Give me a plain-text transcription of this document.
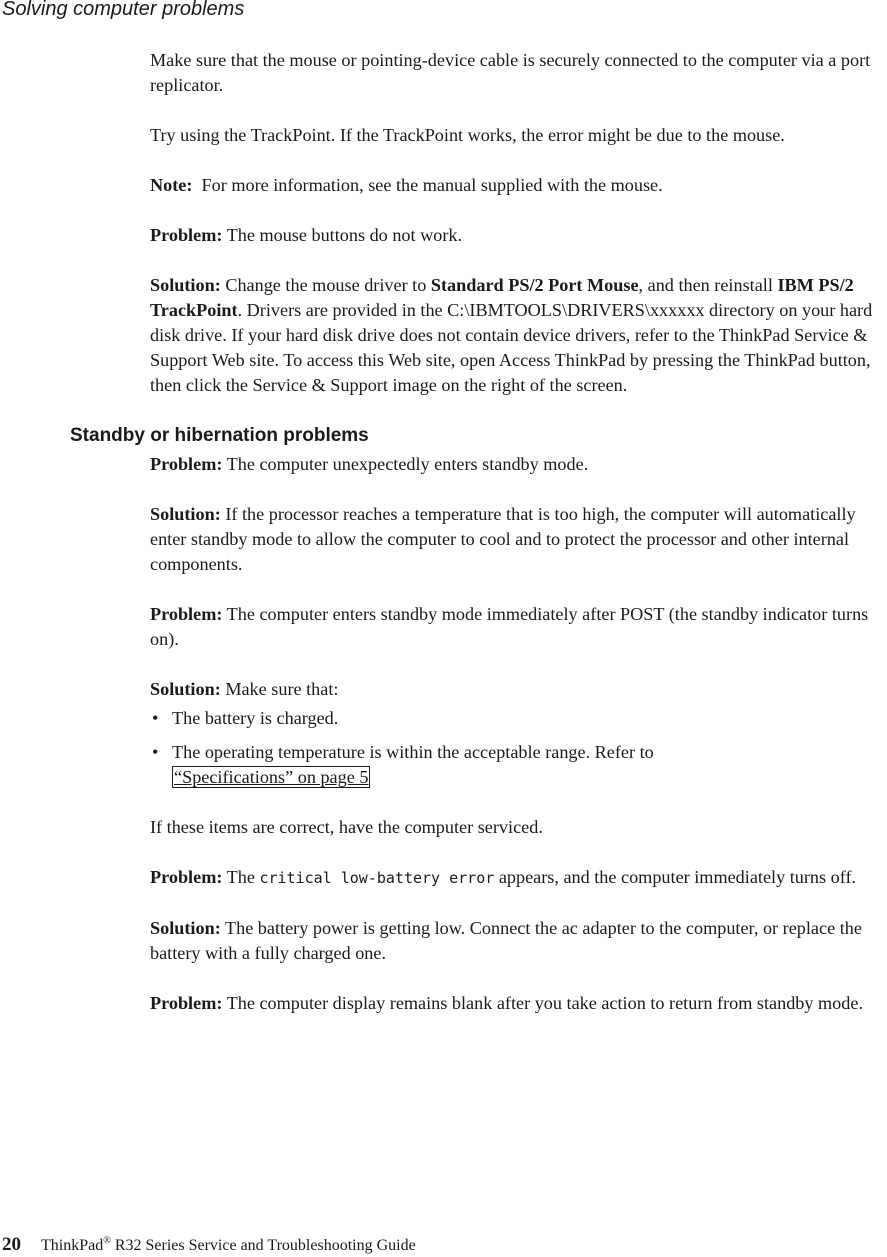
Solving computer problems

Make sure that the mouse or pointing-device cable is securely connected to the computer via a port replicator.

Try using the TrackPoint. If the TrackPoint works, the error might be due to the mouse.

Note: For more information, see the manual supplied with the mouse.

Problem: The mouse buttons do not work.

Solution: Change the mouse driver to Standard PS/2 Port Mouse, and then reinstall IBM PS/2 TrackPoint. Drivers are provided in the C:\IBMTOOLS\DRIVERS\xxxxxx directory on your hard disk drive. If your hard disk drive does not contain device drivers, refer to the ThinkPad Service & Support Web site. To access this Web site, open Access ThinkPad by pressing the ThinkPad button, then click the Service & Support image on the right of the screen.

Standby or hibernation problems

Problem: The computer unexpectedly enters standby mode.

Solution: If the processor reaches a temperature that is too high, the computer will automatically enter standby mode to allow the computer to cool and to protect the processor and other internal components.

Problem: The computer enters standby mode immediately after POST (the standby indicator turns on).

Solution: Make sure that:

• The battery is charged.
• The operating temperature is within the acceptable range. Refer to
“Specifications” on page 5

If these items are correct, have the computer serviced.

Problem: The critical low-battery error appears, and the computer immediately turns off.

Solution: The battery power is getting low. Connect the ac adapter to the computer, or replace the battery with a fully charged one.

Problem: The computer display remains blank after you take action to return from standby mode.

20 ThinkPad® R32 Series Service and Troubleshooting Guide
